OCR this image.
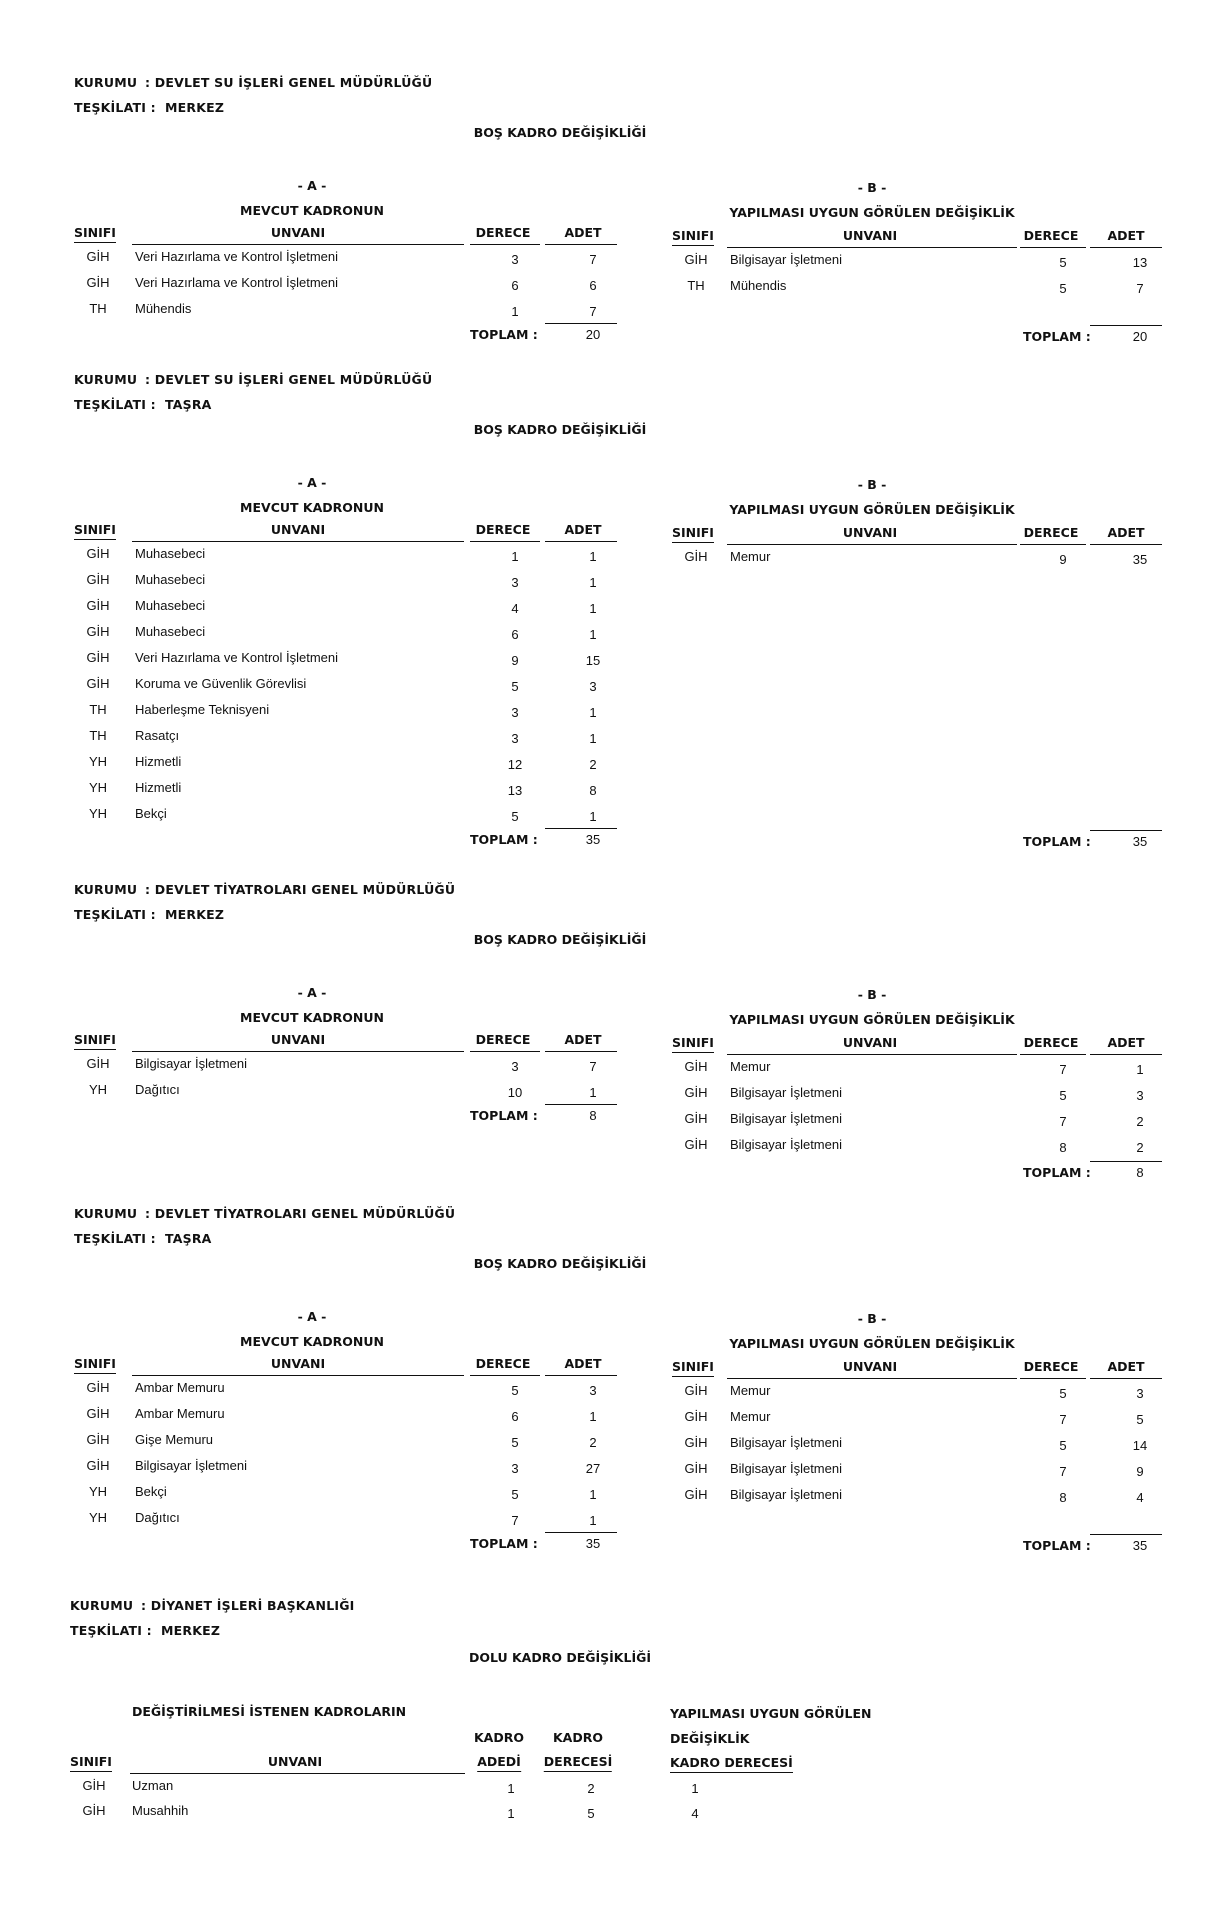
KURUMU : DEVLET SU İŞLERİ GENEL MÜDÜRLÜĞÜ
TEŞKİLATI : MERKEZ
BOŞ KADRO DEĞİŞİKLİĞİ
- A -
MEVCUT KADRONUN
- B -
YAPILMASI UYGUN GÖRÜLEN DEĞİŞİKLİK
SINIFI	UNVANI	DERECE	ADET	SINIFI	UNVANI	DERECE ADET
GİH	Veri Hazırlama ve Kontrol İşletmeni	3	7
GİH	Veri Hazırlama ve Kontrol İşletmeni	6	6
TH	Mühendis	1	7
TOPLAM :	20
GİH	Bilgisayar İşletmeni	5	13
TH	Mühendis	5	7
TOPLAM :	20
KURUMU : DEVLET SU İŞLERİ GENEL MÜDÜRLÜĞÜ
TEŞKİLATI : TAŞRA
BOŞ KADRO DEĞİŞİKLİĞİ
- A -
MEVCUT KADRONUN
- B -
YAPILMASI UYGUN GÖRÜLEN DEĞİŞİKLİK
SINIFI	UNVANI	DERECE	ADET	SINIFI	UNVANI	DERECE ADET
GİH	Muhasebeci	1	1
GİH	Muhasebeci	3	1
GİH	Muhasebeci	4	1
GİH	Muhasebeci	6	1
GİH	Veri Hazırlama ve Kontrol İşletmeni	9	15
GİH	Koruma ve Güvenlik Görevlisi	5	3
TH	Haberleşme Teknisyeni	3	1
TH	Rasatçı	3	1
YH	Hizmetli	12	2
YH	Hizmetli	13	8
YH	Bekçi	5	1
TOPLAM :	35
GİH	Memur	9	35
TOPLAM :	35
KURUMU : DEVLET TİYATROLARI GENEL MÜDÜRLÜĞÜ
TEŞKİLATI : MERKEZ
BOŞ KADRO DEĞİŞİKLİĞİ
- A -
MEVCUT KADRONUN
- B -
YAPILMASI UYGUN GÖRÜLEN DEĞİŞİKLİK
SINIFI	UNVANI	DERECE	ADET	SINIFI	UNVANI	DERECE ADET
GİH	Bilgisayar İşletmeni	3	7
YH	Dağıtıcı	10	1
TOPLAM :	8
GİH	Memur	7	1
GİH	Bilgisayar İşletmeni	5	3
GİH	Bilgisayar İşletmeni	7	2
GİH	Bilgisayar İşletmeni	8	2
TOPLAM :	8
KURUMU : DEVLET TİYATROLARI GENEL MÜDÜRLÜĞÜ
TEŞKİLATI : TAŞRA
BOŞ KADRO DEĞİŞİKLİĞİ
- A -
MEVCUT KADRONUN
- B -
YAPILMASI UYGUN GÖRÜLEN DEĞİŞİKLİK
SINIFI	UNVANI	DERECE	ADET	SINIFI	UNVANI	DERECE ADET
GİH	Ambar Memuru	5	3
GİH	Ambar Memuru	6	1
GİH	Gişe Memuru	5	2
GİH	Bilgisayar İşletmeni	3	27
YH	Bekçi	5	1
YH	Dağıtıcı	7	1
TOPLAM :	35
GİH	Memur	5	3
GİH	Memur	7	5
GİH	Bilgisayar İşletmeni	5	14
GİH	Bilgisayar İşletmeni	7	9
GİH	Bilgisayar İşletmeni	8	4
TOPLAM :	35
KURUMU : DİYANET İŞLERİ BAŞKANLIĞI
TEŞKİLATI : MERKEZ
DOLU KADRO DEĞİŞİKLİĞİ
DEĞİŞTİRİLMESİ İSTENEN KADROLARIN	YAPILMASI UYGUN GÖRÜLEN
DEĞİŞİKLİK
KADRO KADRO
SINIFI	UNVANI	ADEDİ DERECESİ	KADRO DERECESİ
GİH	Uzman	1	2	1
GİH	Musahhih	1	5	4
